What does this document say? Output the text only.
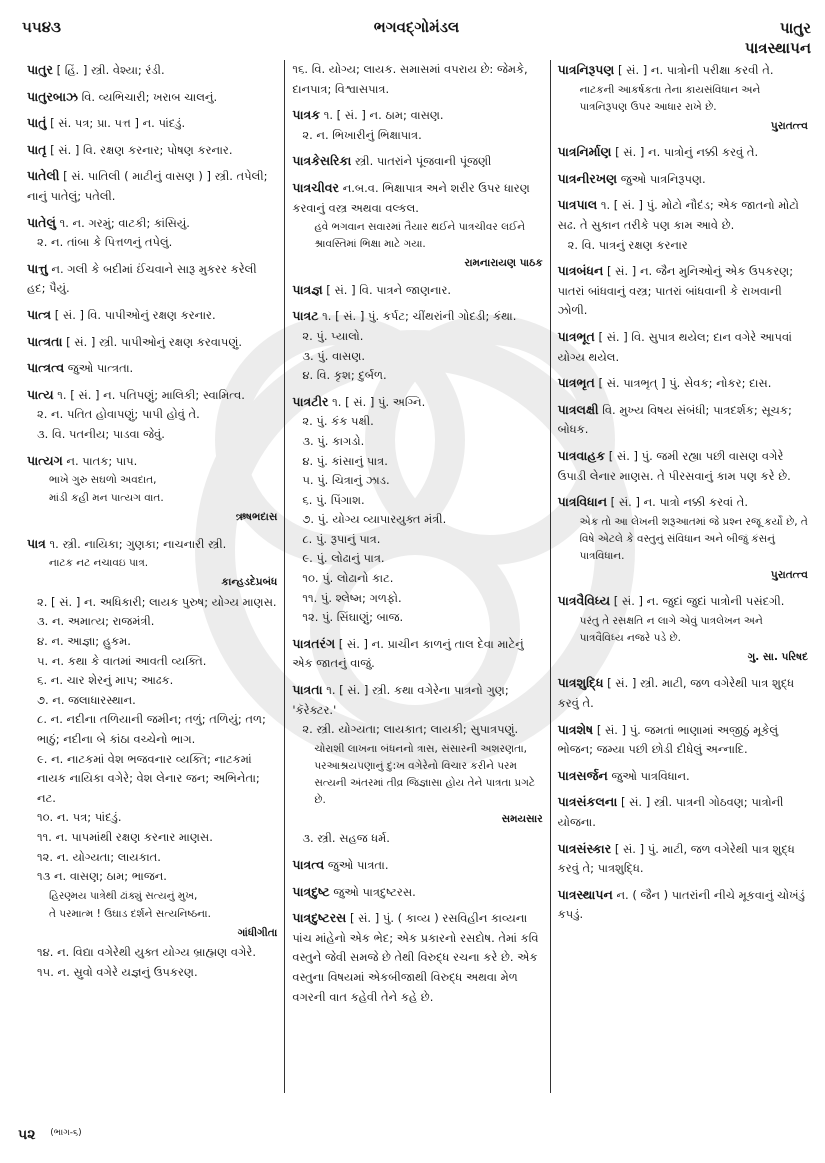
ભગવદ્ગોમંડલ
૫૫૪૩	પાતુર
પાત્રસ્થાપન
પાતુર [ હિં. ] સ્ત્રી. વેશ્યા; રંડી.
પાતુરબાઝ વિ. વ્યભિચારી; ખરાબ ચાલનું.
પાતું [ સં. પત્ર; પ્રા. પત્ત ] ન. પાંદડું.
પાતૃ [ સં. ] વિ. રક્ષણ કરનાર; પોષણ કરનાર.
પાતેલી [ સં. પાતિલી ( માટીનું વાસણ ) ] સ્ત્રી. તપેલી; નાનું પાતેલું; પતેલી.
પાતેલું ૧. ન. ગરમું; વાટકી; કાંસિયું.
૨. ન. તાંબા કે પિત્તળનું તપેલું.
પાત્તુ ન. ગલી કે બદીમાં ઈંચવાને સારૂ મુકરર કરેલી હદ; પૈયું.
પાત્ત્ર [ સં. ] વિ. પાપીઓનું રક્ષણ કરનાર.
પાત્ત્રતા [ સં. ] સ્ત્રી. પાપીઓનું રક્ષણ કરવાપણું.
પાત્ત્રત્વ જુઓ પાત્ત્રતા.
પાત્ય ૧. [ સં. ] ન. પતિપણું; માલિકી; સ્વામિત્વ.
૨. ન. પતિત હોવાપણું; પાપી હોવું તે.
૩. વિ. પતનીય; પાડવા જેવું.
પાત્યગ ન. પાતક; પાપ.
ભાખે ગુરુ સઘળો અવદાત,
માંડી કહી મન પાત્યગ વાત.
ઋષભદાસ
પાત્ર ૧. સ્ત્રી. નાયિકા; ગુણકા; નાચનારી સ્ત્રી.
નાટક નટ નચાવઇ પાત્ર.
કાન્હડદેપ્રબંધ
૨. [ સં. ] ન. અધિકારી; લાયક પુરુષ; યોગ્ય માણસ.
૩. ન. અમાત્ય; રાજમંત્રી.
૪. ન. આજ્ઞા; હુકમ.
૫. ન. કથા કે વાતમાં આવતી વ્યક્તિ.
૬. ન. ચાર શેરનું માપ; આઢક.
૭. ન. જલાધારસ્થાન.
૮. ન. નદીના તળિયાની જમીન; તળું; તળિયું; તળ; ભાઠું; નદીના બે કાંઠા વચ્ચેનો ભાગ.
૯. ન. નાટકમાં વેશ ભજવનાર વ્યક્તિ; નાટકમાં નાયક નાયિકા વગેરે; વેશ લેનાર જન; અભિનેતા; નટ.
૧૦. ન. પત્ર; પાંદડું.
૧૧. ન. પાપમાંથી રક્ષણ કરનાર માણસ.
૧૨. ન. યોગ્યતા; લાયકાત.
૧૩ ન. વાસણ; ઠામ; ભાજન.
હિરણ્મય પાત્રેથી ઢાંક્યું સત્યનું મુખ,
તે પરમાત્મ ! ઉઘાડ દર્શને સત્યનિષ્ઠના.
ગાંધીગીતા
૧૪. ન. વિદ્યા વગેરેથી યુક્ત યોગ્ય બ્રાહ્મણ વગેરે.
૧૫. ન. સ્રુવો વગેરે યજ્ઞનું ઉપકરણ.
૧૬. વિ. યોગ્ય; લાયક. સમાસમાં વપરાય છે: જેમકે, દાનપાત્ર; વિશ્વાસપાત્ર.
પાત્રક ૧. [ સં. ] ન. ઠામ; વાસણ.
૨. ન. ભિખારીનું ભિક્ષાપાત્ર.
પાત્રકેસરિકા સ્ત્રી. પાતરાંને પૂંજવાની પૂંજણી
પાત્રચીવર ન.બ.વ. ભિક્ષાપાત્ર અને શરીર ઉપર ધારણ કરવાનું વસ્ત્ર અથવા વલ્કલ.
હવે ભગવાન સવારમાં તૈયાર થઈને પાત્રચીવર લઈને શ્રાવસ્તિમાં ભિક્ષા માટે ગયા.
રામનારાયણ પાઠક
પાત્રજ્ઞ [ સં. ] વિ. પાત્રને જાણનાર.
પાત્રટ ૧. [ સં. ] પું. કર્પટ; ચીંથરાંની ગોદડી; કંથા.
૨. પું. પ્યાલો.
૩. પું. વાસણ.
૪. વિ. કૃશ; દુર્બળ.
પાત્રટીર ૧. [ સં. ] પું. અગ્નિ.
૨. પું. કંક પક્ષી.
૩. પું. કાગડો.
૪. પું. કાંસાનું પાત્ર.
૫. પું. ચિત્રાનું ઝાડ.
૬. પું. પિંગાશ.
૭. પું. યોગ્ય વ્યાપારયુક્ત મંત્રી.
૮. પું. રૂપાનું પાત્ર.
૯. પું. લોઢાનું પાત્ર.
૧૦. પું. લોઢાનો કાટ.
૧૧. પું. શ્લેષ્મ; ગળફો.
૧૨. પું. સિંઘાણું; બાજ.
પાત્રતરંગ [ સં. ] ન. પ્રાચીન કાળનું તાલ દેવા માટેનું એક જાતનું વાજું.
પાત્રતા ૧. [ સં. ] સ્ત્રી. કથા વગેરેના પાત્રનો ગુણ; 'કૅરેક્ટર.'
૨. સ્ત્રી. યોગ્યતા; લાયકાત; લાયકી; સુપાત્રપણું.
ચોરાશી લાખના બંધનનો ત્રાસ, સંસારની અશરણતા, પરઆશ્રયપણાનું દુ:ખ વગેરેનો વિચાર કરીને પરમ સત્યની અંતરમાં તીવ્ર જિજ્ઞાસા હોય તેને પાત્રતા પ્રગટે છે.
સમયસાર
૩. સ્ત્રી. સહજ ધર્મ.
પાત્રત્વ જુઓ પાત્રતા.
પાત્રદુષ્ટ જુઓ પાત્રદુષ્ટરસ.
પાત્રદુષ્ટરસ [ સં. ] પું. ( કાવ્ય ) રસવિહીન કાવ્યના પાંચ માંહેનો એક ભેદ; એક પ્રકારનો રસદોષ. તેમાં કવિ વસ્તુને જેવી સમજે છે તેથી વિરુદ્ધ રચના કરે છે. એક વસ્તુના વિષયમાં એકબીજાથી વિરુદ્ધ અથવા મેળ વગરની વાત કહેવી તેને કહે છે.
પાત્રનિરૂપણ [ સં. ] ન. પાત્રોની પરીક્ષા કરવી તે.
નાટકની આકર્ષકતા તેના કાયસંવિધાન અને પાત્રનિરૂપણ ઉપર આધાર રાખે છે.
પુરાતત્ત્વ
પાત્રનિર્માણ [ સં. ] ન. પાત્રોનું નક્કી કરવું તે.
પાત્રનીરખણ જુઓ પાત્રનિરૂપણ.
પાત્રપાલ ૧. [ સં. ] પું. મોટો નૌદંડ; એક જાતનો મોટો સઢ. તે સુકાન તરીકે પણ કામ આવે છે.
૨. વિ. પાત્રનું રક્ષણ કરનાર
પાત્રબંધન [ સં. ] ન. જૈન મુનિઓનું એક ઉપકરણ; પાતરાં બાંધવાનું વસ્ત્ર; પાતરાં બાંધવાની કે રાખવાની ઝોળી.
પાત્રભૂત [ સં. ] વિ. સુપાત્ર થયેલ; દાન વગેરે આપવાં યોગ્ય થયેલ.
પાત્રભૃત [ સં. પાત્રભૃત્ ] પું. સેવક; નોકર; દાસ.
પાત્રલક્ષી વિ. મુખ્ય વિષય સંબંધી; પાત્રદર્શક; સૂચક; બોધક.
પાત્રવાહક [ સં. ] પું. જમી રહ્યા પછી વાસણ વગેરે ઉપાડી લેનાર માણસ. તે પીરસવાનું કામ પણ કરે છે.
પાત્રવિધાન [ સં. ] ન. પાત્રો નક્કી કરવાં તે.
એક તો આ લેખની શરૂઆતમાં જે પ્રશ્ન રજૂ કર્યો છે, તે વિષે એટલે કે વસ્તુનું સંવિધાન અને બીજું કંસનું પાત્રવિધાન.
પુરાતત્ત્વ
પાત્રવૈવિધ્ય [ સં. ] ન. જુદાં જુદાં પાત્રોની પસંદગી.
પરંતુ તે રસક્ષતિ ન લાગે એવું પાત્રલેખન અને પાત્રવૈવિધ્ય નજરે પડે છે.
ગુ. સા. પરિષદ
પાત્રશુદ્ધિ [ સં. ] સ્ત્રી. માટી, જળ વગેરેથી પાત્ર શુદ્ધ કરવું તે.
પાત્રશેષ [ સં. ] પું. જમતાં ભાણામાં અજીઠું મૂકેલું ભોજન; જમ્યા પછી છોડી દીધેલું અન્નાદિ.
પાત્રસર્જન જુઓ પાત્રવિધાન.
પાત્રસંકલના [ સં. ] સ્ત્રી. પાત્રની ગોઠવણ; પાત્રોની યોજના.
પાત્રસંસ્કાર [ સં. ] પું. માટી, જળ વગેરેથી પાત્ર શુદ્ધ કરવું તે; પાત્રશુદ્ધિ.
પાત્રસ્થાપન ન. ( જૈન ) પાતરાંની નીચે મૂકવાનું ચોખંડું કપડું.
૫૨ $^{(ભાગ-૬)}$
